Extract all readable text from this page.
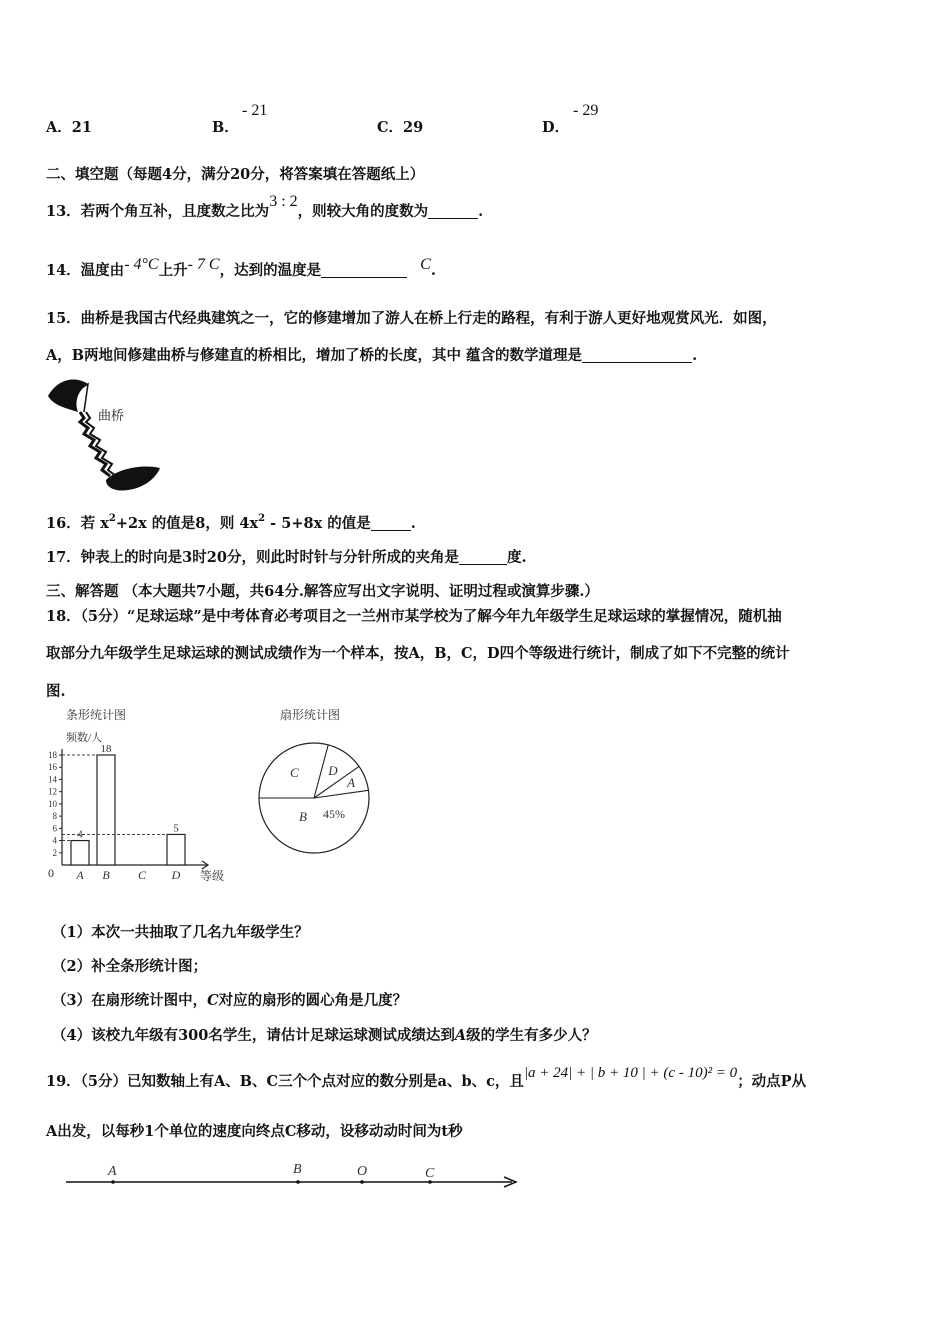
A．21	B．
- 21
C．29	D．
- 29
二、填空题（每题4分，满分20分，将答案填在答题纸上）
13．若两个角互补，且度数之比为3 : 2，则较大角的度数为	.
14．温度由- 4°C上升- 7 C，达到的温度是	C.
15．曲桥是我国古代经典建筑之一，它的修建增加了游人在桥上行走的路程，有利于游人更好地观赏风光．如图，
A，B两地间修建曲桥与修建直的桥相比，增加了桥的长度，其中 蕴含的数学道理是	.
曲桥
16．若 $x^2+2x$ 的值是8，则 $4x^2 - 5+8x$ 的值是	.
17．钟表上的时向是3时20分，则此时时针与分针所成的夹角是	度.
三、解答题 （本大题共7小题，共64分.解答应写出文字说明、证明过程或演算步骤.）
18．（5分）“足球运球”是中考体育必考项目之一兰州市某学校为了解今年九年级学生足球运球的掌握情况，随机抽
取部分九年级学生足球运球的测试成绩作为一个样本，按A，B，C，D四个等级进行统计，制成了如下不完整的统计
图.
条形统计图
频数/人
等级
0
2
4
6
8
10
12
14
16
18
4
A
18
B C
5
D
扇形统计图
C D
A
B 45%
（1）本次一共抽取了几名九年级学生？
（2）补全条形统计图；
（3）在扇形统计图中，C对应的扇形的圆心角是几度？
（4）该校九年级有300名学生，请估计足球运球测试成绩达到A级的学生有多少人？
19．（5分）已知数轴上有A、B、C三个个点对应的数分别是a、b、c，且|a + 24| + | b + 10 | + (c - 10)² = 0；动点P从
A出发，以每秒1个单位的速度向终点C移动，设移动动时间为t秒
A	B	O	C
